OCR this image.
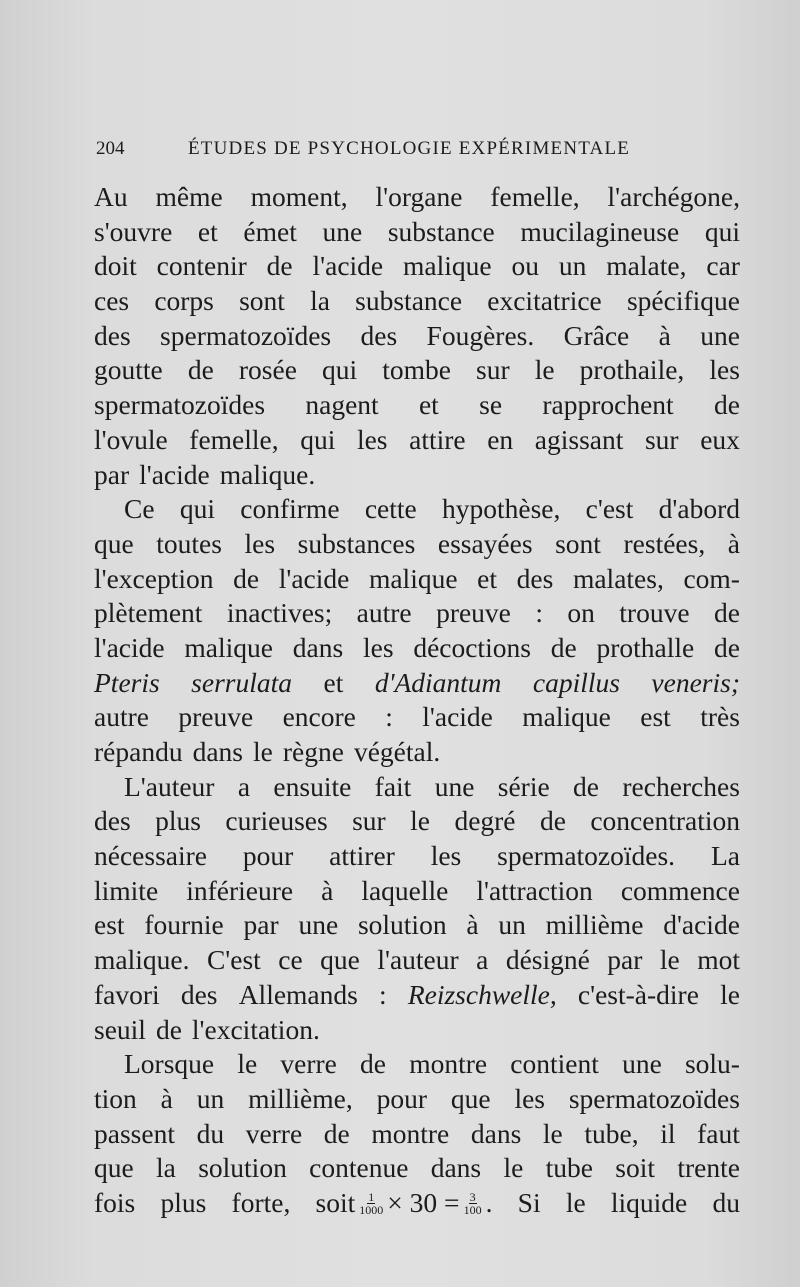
204	ÉTUDES DE PSYCHOLOGIE EXPÉRIMENTALE
Au même moment, l'organe femelle, l'archégone,
s'ouvre et émet une substance mucilagineuse qui
doit contenir de l'acide malique ou un malate, car
ces corps sont la substance excitatrice spécifique
des spermatozoïdes des Fougères. Grâce à une
goutte de rosée qui tombe sur le prothaile, les
spermatozoïdes nagent et se rapprochent de
l'ovule femelle, qui les attire en agissant sur eux
par l'acide malique.
Ce qui confirme cette hypothèse, c'est d'abord
que toutes les substances essayées sont restées, à
l'exception de l'acide malique et des malates, com-
plètement inactives; autre preuve : on trouve de
l'acide malique dans les décoctions de prothalle de
Pteris serrulata et d'Adiantum capillus veneris;
autre preuve encore : l'acide malique est très
répandu dans le règne végétal.
L'auteur a ensuite fait une série de recherches
des plus curieuses sur le degré de concentration
nécessaire pour attirer les spermatozoïdes. La
limite inférieure à laquelle l'attraction commence
est fournie par une solution à un millième d'acide
malique. C'est ce que l'auteur a désigné par le mot
favori des Allemands : Reizschwelle, c'est-à-dire le
seuil de l'excitation.
Lorsque le verre de montre contient une solu-
tion à un millième, pour que les spermatozoïdes
passent du verre de montre dans le tube, il faut
que la solution contenue dans le tube soit trente
fois plus forte, soit $\frac{1}{1000} \times 30 = \frac{3}{100}$ . Si le liquide du
